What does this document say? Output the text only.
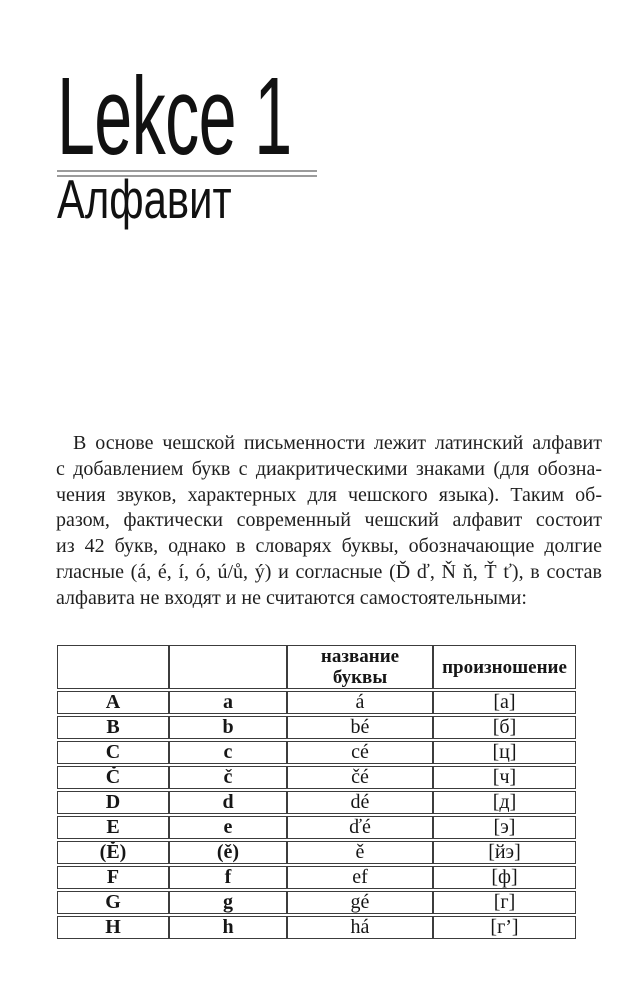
Lekce 1
Алфавит
В основе чешской письменности лежит латинский алфавит
с добавлением букв с диакритическими знаками (для обозна-
чения звуков, характерных для чешского языка). Таким об-
разом, фактически современный чешский алфавит состоит
из 42 букв, однако в словарях буквы, обозначающие долгие
гласные (á, é, í, ó, ú/ů, ý) и согласные (Ď ď, Ň ň, Ť ť), в состав
алфавита не входят и не считаются самостоятельными:
		название буквы	произношение
A	a	á	[а]
B	b	bé	[б]
C	c	cé	[ц]
Č	č	čé	[ч]
D	d	dé	[д]
E	e	ďé	[э]
(Ě)	(ě)	ě	[йэ]
F	f	ef	[ф]
G	g	gé	[г]
H	h	há	[г’]
